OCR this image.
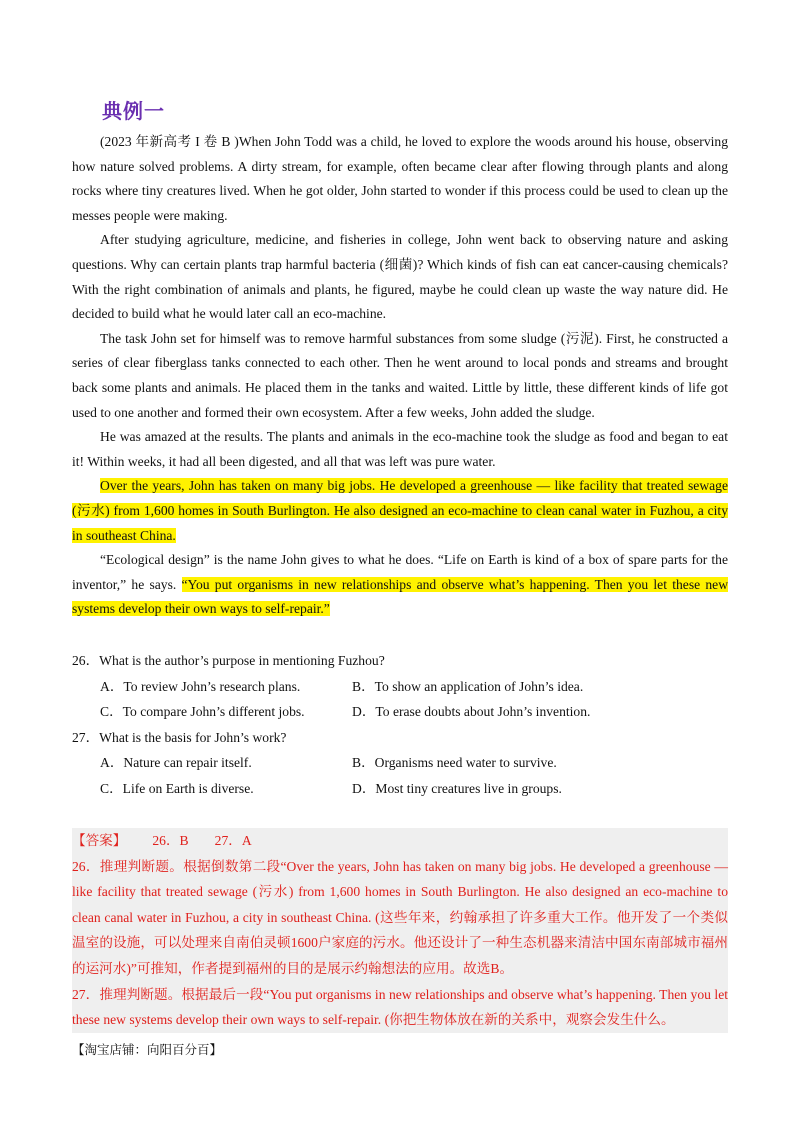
典例一

(2023 年新高考 I 卷 B )When John Todd was a child, he loved to explore the woods around his house, observing how nature solved problems. A dirty stream, for example, often became clear after flowing through plants and along rocks where tiny creatures lived. When he got older, John started to wonder if this process could be used to clean up the messes people were making.

After studying agriculture, medicine, and fisheries in college, John went back to observing nature and asking questions. Why can certain plants trap harmful bacteria (细菌)? Which kinds of fish can eat cancer-causing chemicals? With the right combination of animals and plants, he figured, maybe he could clean up waste the way nature did. He decided to build what he would later call an eco-machine.

The task John set for himself was to remove harmful substances from some sludge (污泥). First, he constructed a series of clear fiberglass tanks connected to each other. Then he went around to local ponds and streams and brought back some plants and animals. He placed them in the tanks and waited. Little by little, these different kinds of life got used to one another and formed their own ecosystem. After a few weeks, John added the sludge.

He was amazed at the results. The plants and animals in the eco-machine took the sludge as food and began to eat it! Within weeks, it had all been digested, and all that was left was pure water.

Over the years, John has taken on many big jobs. He developed a greenhouse — like facility that treated sewage (污水) from 1,600 homes in South Burlington. He also designed an eco-machine to clean canal water in Fuzhou, a city in southeast China.

“Ecological design” is the name John gives to what he does. “Life on Earth is kind of a box of spare parts for the inventor,” he says. “You put organisms in new relationships and observe what’s happening. Then you let these new systems develop their own ways to self-repair.”

26．What is the author’s purpose in mentioning Fuzhou?

A．To review John’s research plans.	B．To show an application of John’s idea.
C．To compare John’s different jobs.	D．To erase doubts about John’s invention.

27．What is the basis for John’s work?

A．Nature can repair itself.	B．Organisms need water to survive.
C．Life on Earth is diverse.	D．Most tiny creatures live in groups.

【答案】 26．B 27．A

26．推理判断题。根据倒数第二段“Over the years, John has taken on many big jobs. He developed a greenhouse — like facility that treated sewage (污水) from 1,600 homes in South Burlington. He also designed an eco-machine to clean canal water in Fuzhou, a city in southeast China. (这些年来，约翰承担了许多重大工作。他开发了一个类似温室的设施，可以处理来自南伯灵顿1600户家庭的污水。他还设计了一种生态机器来清洁中国东南部城市福州的运河水)”可推知，作者提到福州的目的是展示约翰想法的应用。故选B。

27．推理判断题。根据最后一段“You put organisms in new relationships and observe what’s happening. Then you let these new systems develop their own ways to self-repair. (你把生物体放在新的关系中，观察会发生什么。

【淘宝店铺：向阳百分百】
